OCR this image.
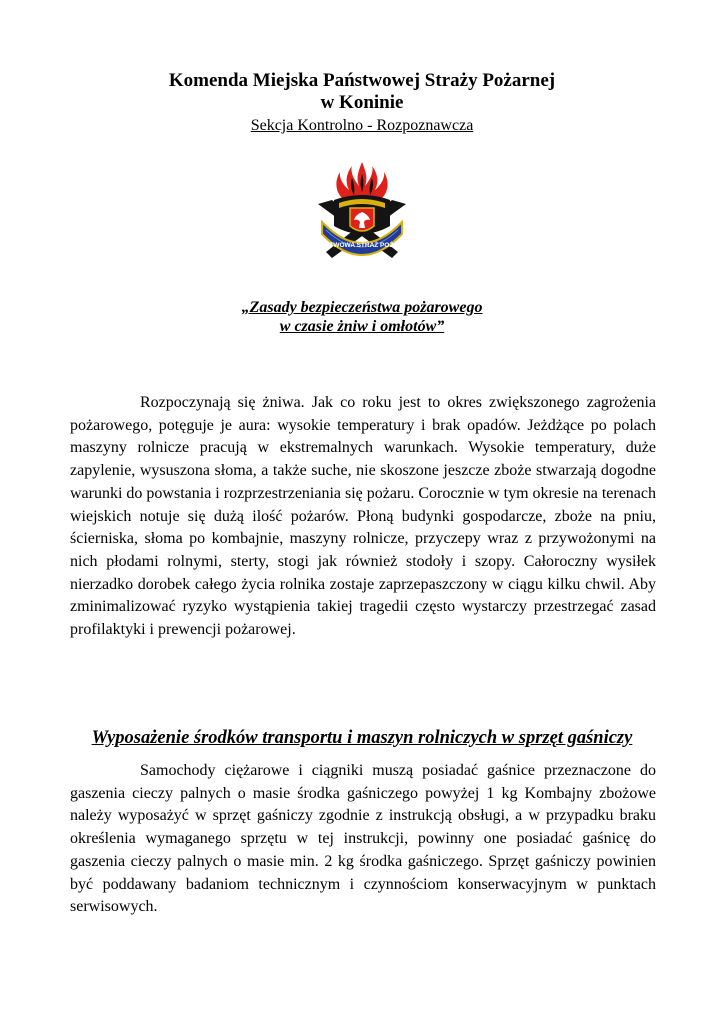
Komenda Miejska Państwowej Straży Pożarnej

w Koninie

Sekcja Kontrolno - Rozpoznawcza

PAŃSTWOWA STRAŻ POŻARNA
„Zasady bezpieczeństwa pożarowego
w czasie żniw i omłotów”

Rozpoczynają się żniwa. Jak co roku jest to okres zwiększonego zagrożenia pożarowego, potęguje je aura: wysokie temperatury i brak opadów. Jeżdżące po polach maszyny rolnicze pracują w ekstremalnych warunkach. Wysokie temperatury, duże zapylenie, wysuszona słoma, a także suche, nie skoszone jeszcze zboże stwarzają dogodne warunki do powstania i rozprzestrzeniania się pożaru. Corocznie w tym okresie na terenach wiejskich notuje się dużą ilość pożarów. Płoną budynki gospodarcze, zboże na pniu, ścierniska, słoma po kombajnie, maszyny rolnicze, przyczepy wraz z przywożonymi na nich płodami rolnymi, sterty, stogi jak również stodoły i szopy. Całoroczny wysiłek nierzadko dorobek całego życia rolnika zostaje zaprzepaszczony w ciągu kilku chwil. Aby zminimalizować ryzyko wystąpienia takiej tragedii często wystarczy przestrzegać zasad profilaktyki i prewencji pożarowej.

Wyposażenie środków transportu i maszyn rolniczych w sprzęt gaśniczy

Samochody ciężarowe i ciągniki muszą posiadać gaśnice przeznaczone do gaszenia cieczy palnych o masie środka gaśniczego powyżej 1 kg Kombajny zbożowe należy wyposażyć w sprzęt gaśniczy zgodnie z instrukcją obsługi, a w przypadku braku określenia wymaganego sprzętu w tej instrukcji, powinny one posiadać gaśnicę do gaszenia cieczy palnych o masie min. 2 kg środka gaśniczego. Sprzęt gaśniczy powinien być poddawany badaniom technicznym i czynnościom konserwacyjnym w punktach serwisowych.
